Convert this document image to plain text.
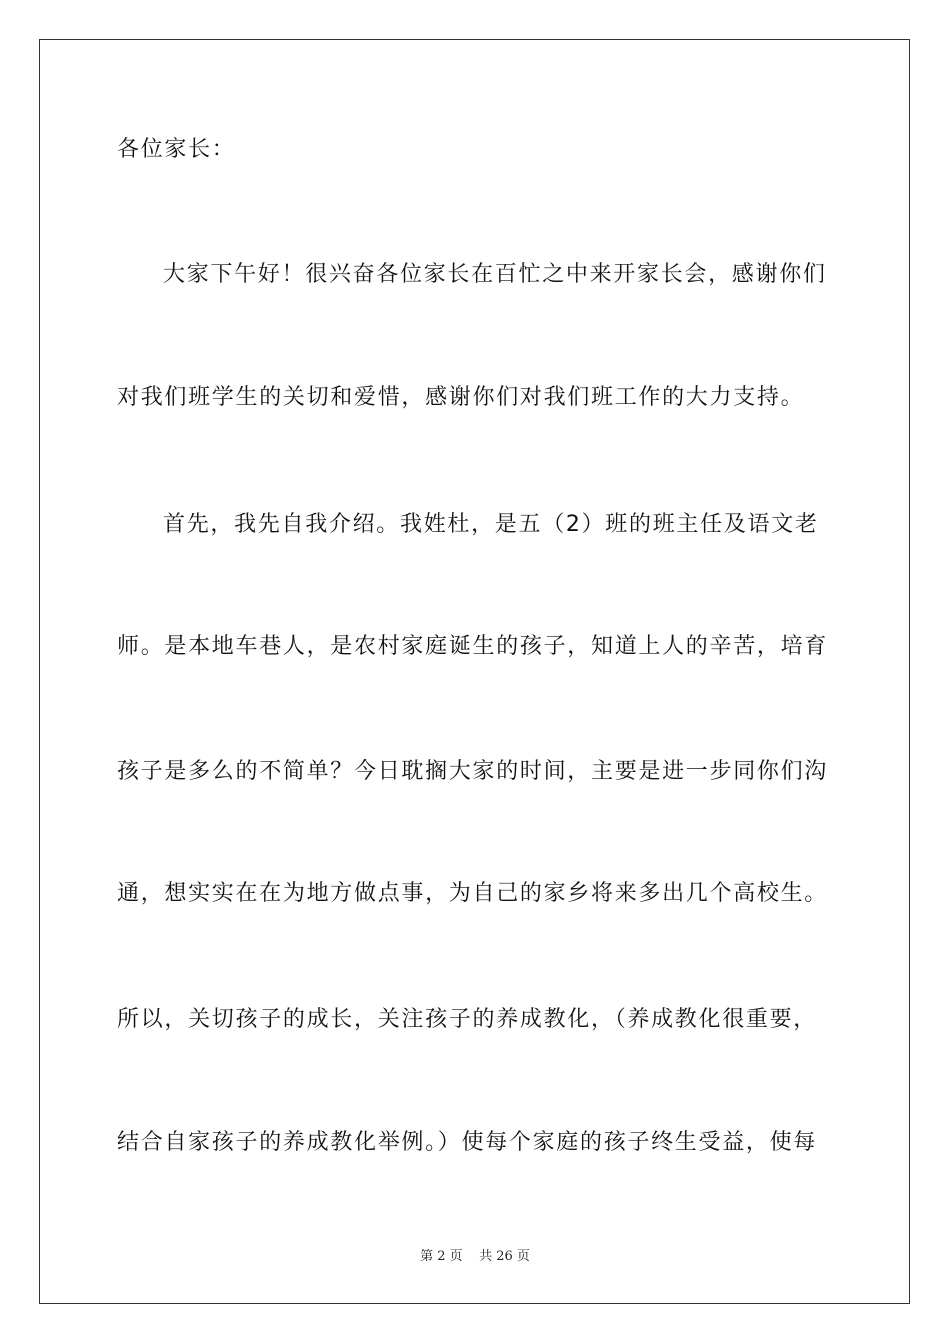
各位家长：
大家下午好！很兴奋各位家长在百忙之中来开家长会，感谢你们
对我们班学生的关切和爱惜，感谢你们对我们班工作的大力支持。
首先，我先自我介绍。我姓杜，是五（2）班的班主任及语文老
师。是本地车巷人，是农村家庭诞生的孩子，知道上人的辛苦，培育
孩子是多么的不简单？今日耽搁大家的时间，主要是进一步同你们沟
通，想实实在在为地方做点事，为自己的家乡将来多出几个高校生。
所以，关切孩子的成长，关注孩子的养成教化，（养成教化很重要，
结合自家孩子的养成教化举例。）使每个家庭的孩子终生受益，使每
第 2 页    共 26 页
